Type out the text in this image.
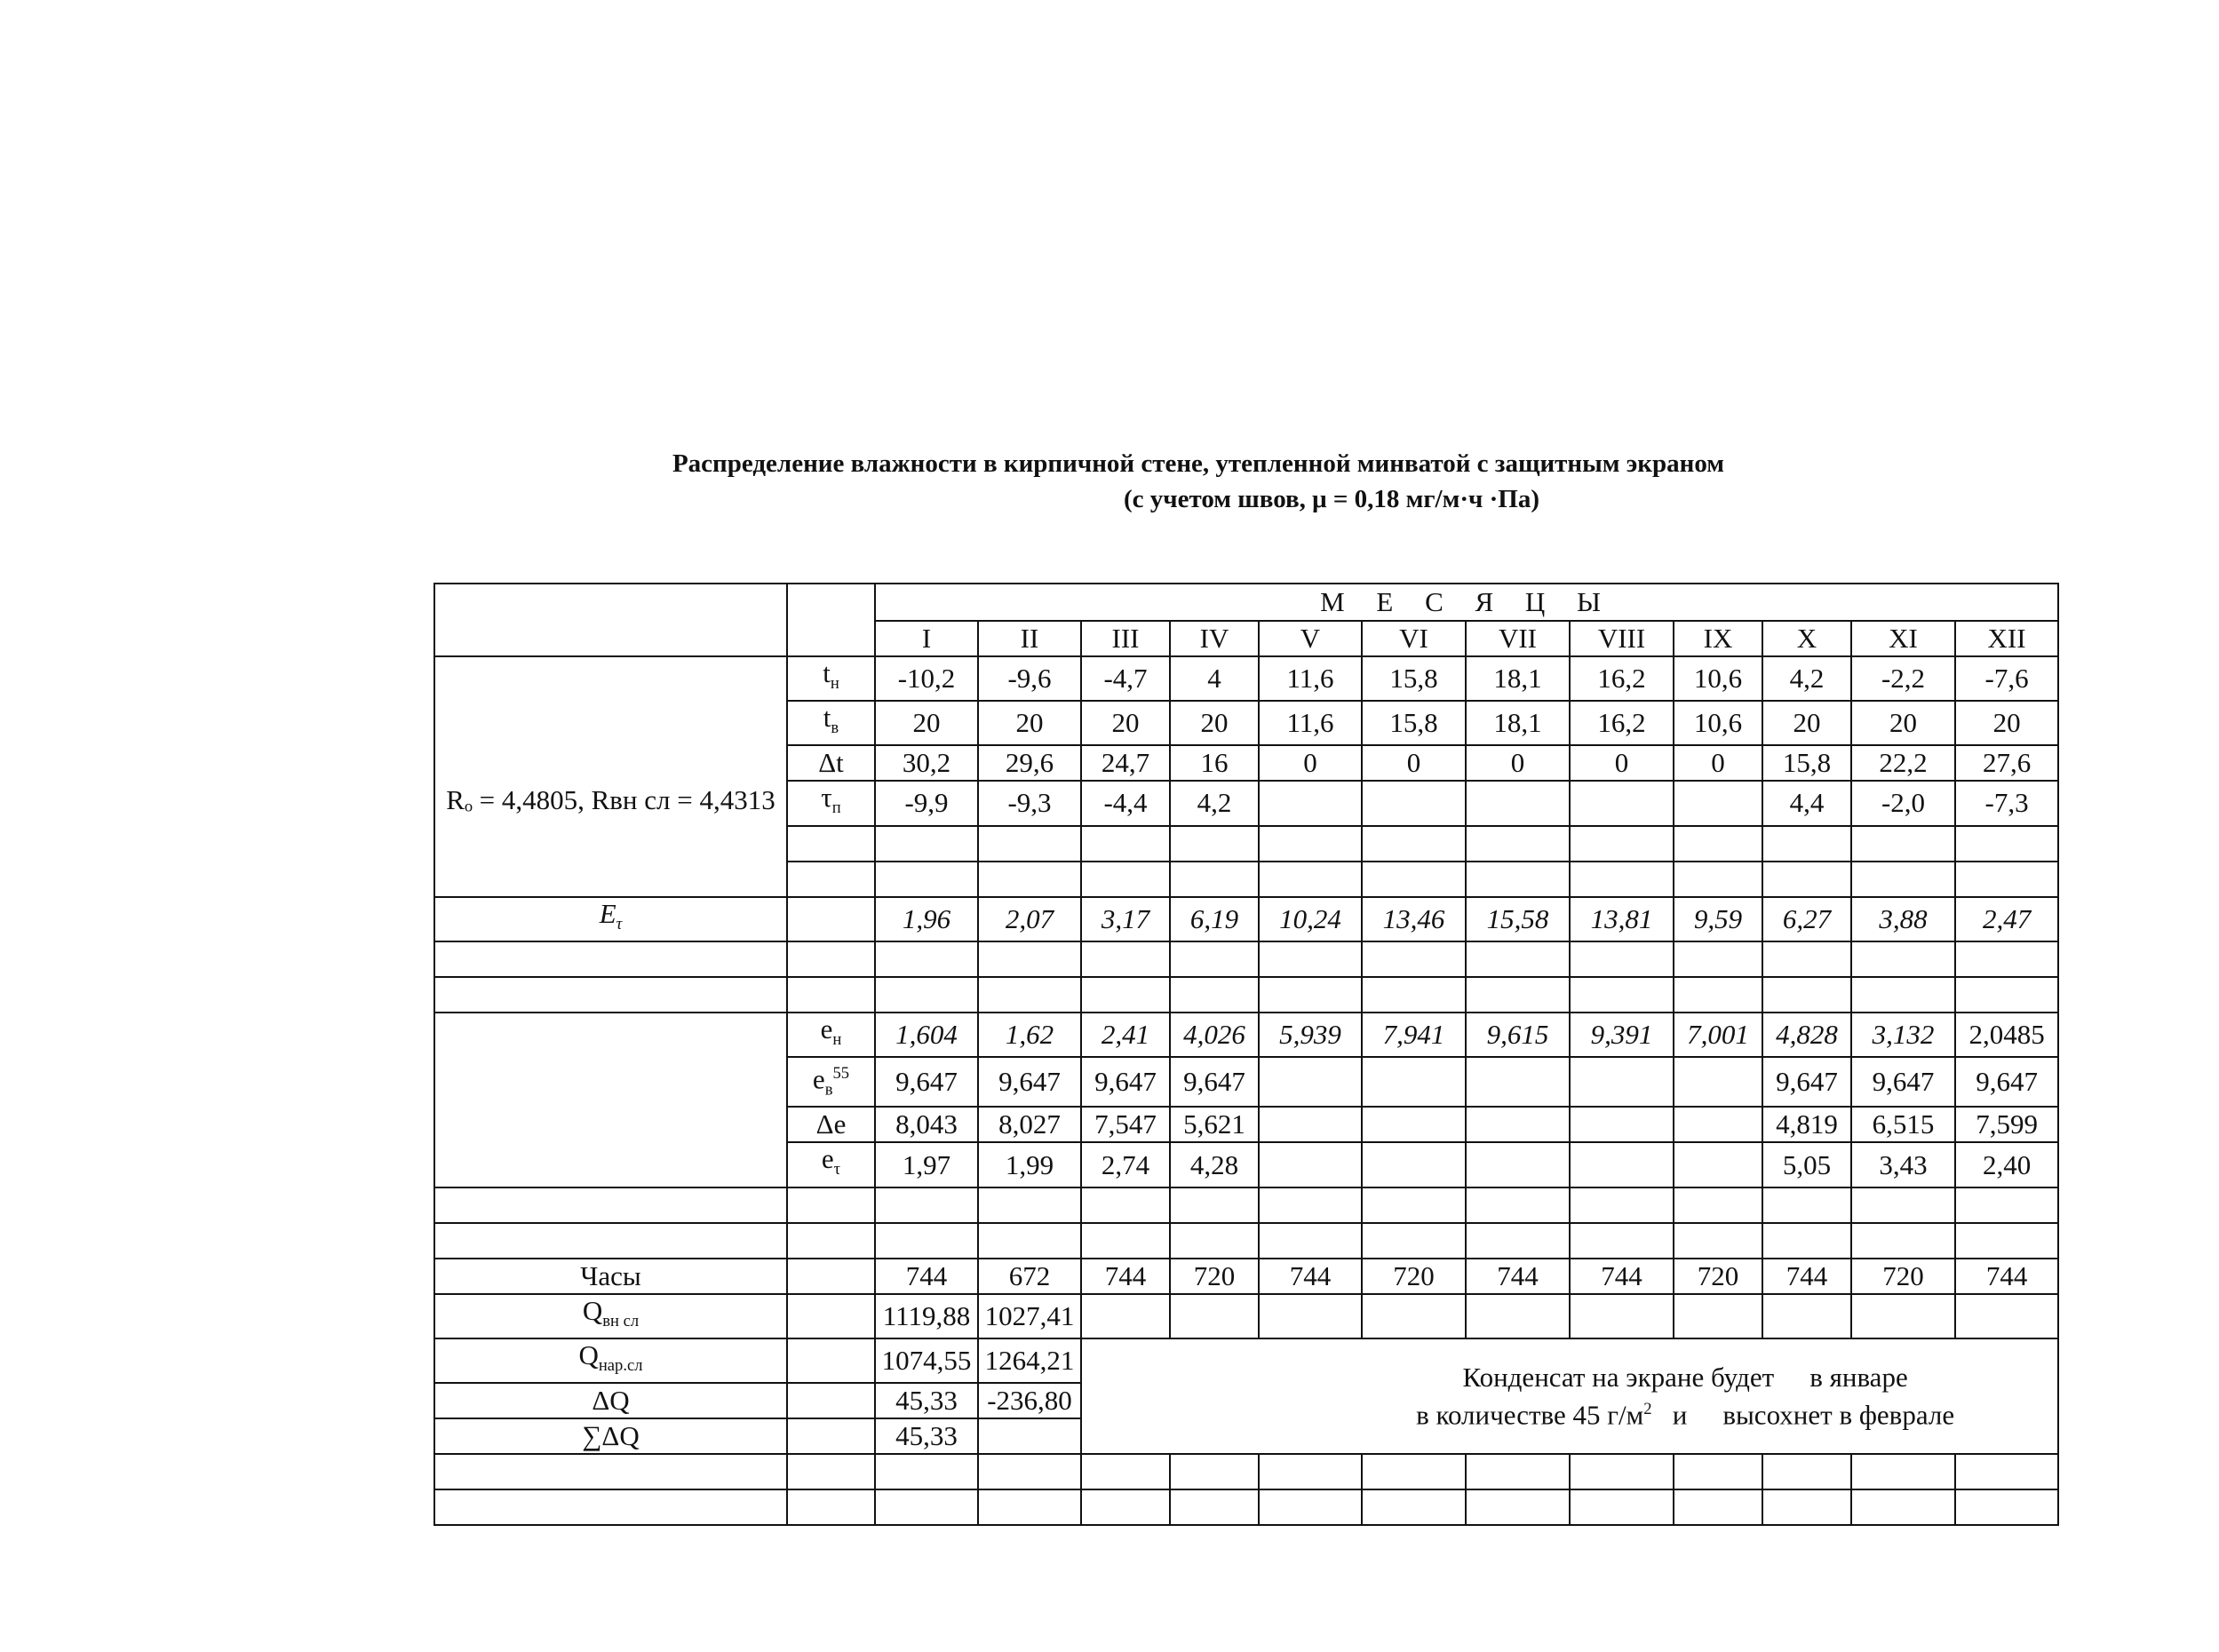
Распределение влажности в кирпичной стене, утепленной минватой с защитным экраном
(с учетом швов, μ = 0,18 мг/м·ч ·Па)
		М Е С Я Ц Ы											
		I	II	III	IV	V	VI	VII	VIII	IX	X	XI	XII
Rₒ = 4,4805, Rвн сл = 4,4313	$t_н$	-10,2	-9,6	-4,7	4	11,6	15,8	18,1	16,2	10,6	4,2	-2,2	-7,6
	$t_в$	20	20	20	20	11,6	15,8	18,1	16,2	10,6	20	20	20
	Δt	30,2	29,6	24,7	16	0	0	0	0	0	15,8	22,2	27,6
	$\tau_п$	-9,9	-9,3	-4,4	4,2						4,4	-2,0	-7,3

$E_\tau$		1,96	2,07	3,17	6,19	10,24	13,46	15,58	13,81	9,59	6,27	3,88	2,47

	$e_н$	1,604	1,62	2,41	4,026	5,939	7,941	9,615	9,391	7,001	4,828	3,132	2,0485
	$e_в^{55}$	9,647	9,647	9,647	9,647						9,647	9,647	9,647
	Δe	8,043	8,027	7,547	5,621						4,819	6,515	7,599
	$e_\tau$	1,97	1,99	2,74	4,28						5,05	3,43	2,40

Часы		744	672	744	720	744	720	744	744	720	744	720	744
$Q_{вн сл}$		1119,88	1027,41										
$Q_{нар.сл}$		1074,55	1264,21	Конденсат на экране будет в январе
в количестве 45 $г/м^2$ и высохнет в феврале									

ΔQ		45,33	-236,80										
∑ΔQ		45,33											
